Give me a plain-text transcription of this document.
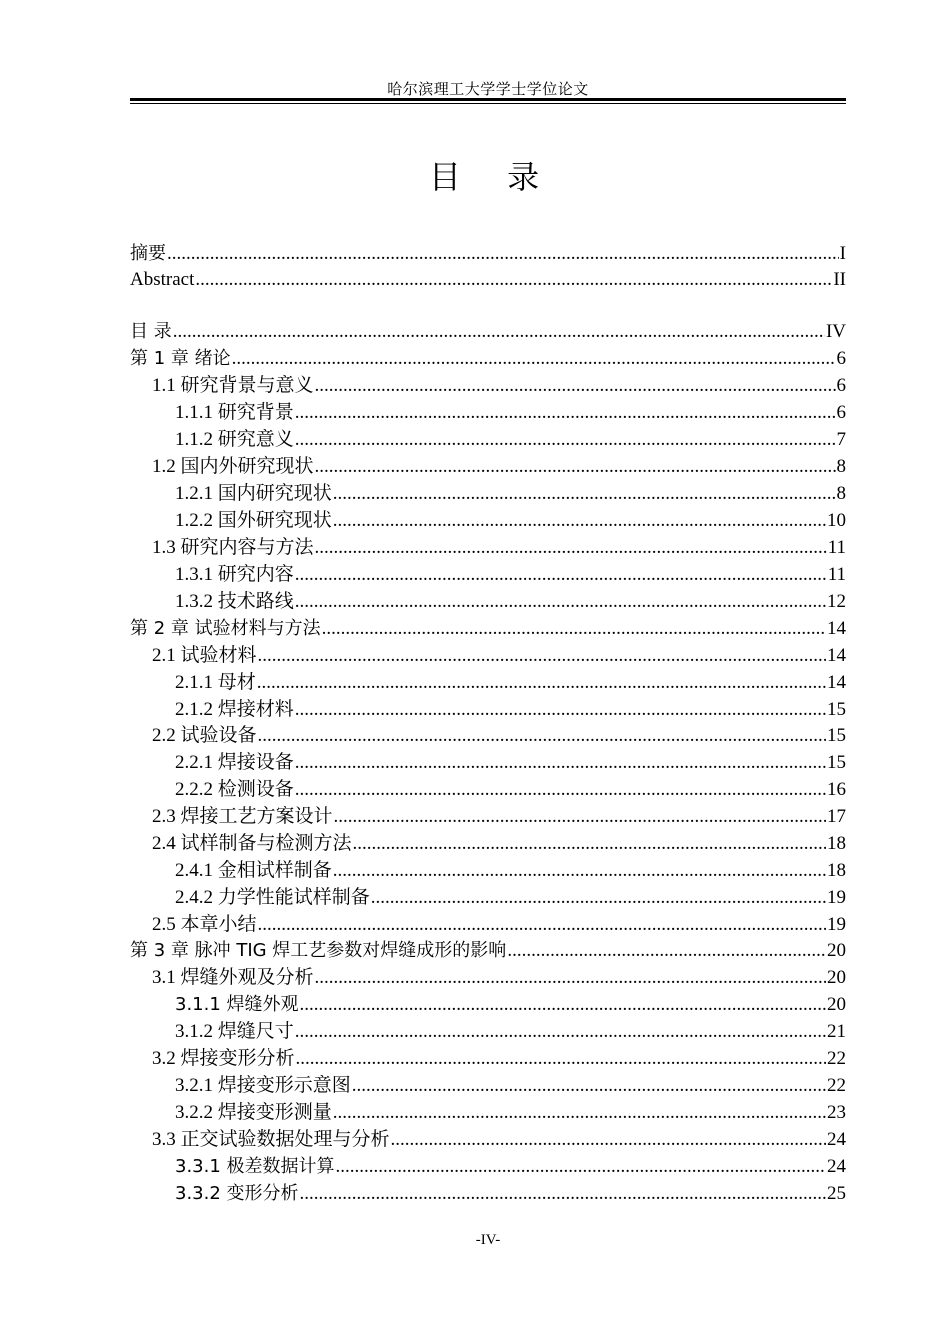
哈尔滨理工大学学士学位论文
目 录
摘要 .....	I
Abstract .....	II
目 录 .....	IV
第 1 章 绪论 .....	6
1.1 研究背景与意义 .....	6
1.1.1 研究背景 .....	6
1.1.2 研究意义 .....	7
1.2 国内外研究现状 .....	8
1.2.1 国内研究现状 .....	8
1.2.2 国外研究现状 .....	10
1.3 研究内容与方法 .....	11
1.3.1 研究内容 .....	11
1.3.2 技术路线 .....	12
第 2 章 试验材料与方法 .....	14
2.1 试验材料 .....	14
2.1.1 母材 .....	14
2.1.2 焊接材料 .....	15
2.2 试验设备 .....	15
2.2.1 焊接设备 .....	15
2.2.2 检测设备 .....	16
2.3 焊接工艺方案设计 .....	17
2.4 试样制备与检测方法 .....	18
2.4.1 金相试样制备 .....	18
2.4.2 力学性能试样制备 .....	19
2.5 本章小结 .....	19
第 3 章 脉冲 TIG 焊工艺参数对焊缝成形的影响 .....	20
3.1 焊缝外观及分析 .....	20
3.1.1 焊缝外观 .....	20
3.1.2 焊缝尺寸 .....	21
3.2 焊接变形分析 .....	22
3.2.1 焊接变形示意图 .....	22
3.2.2 焊接变形测量 .....	23
3.3 正交试验数据处理与分析 .....	24
3.3.1 极差数据计算 .....	24
3.3.2 变形分析 .....	25
-IV-
